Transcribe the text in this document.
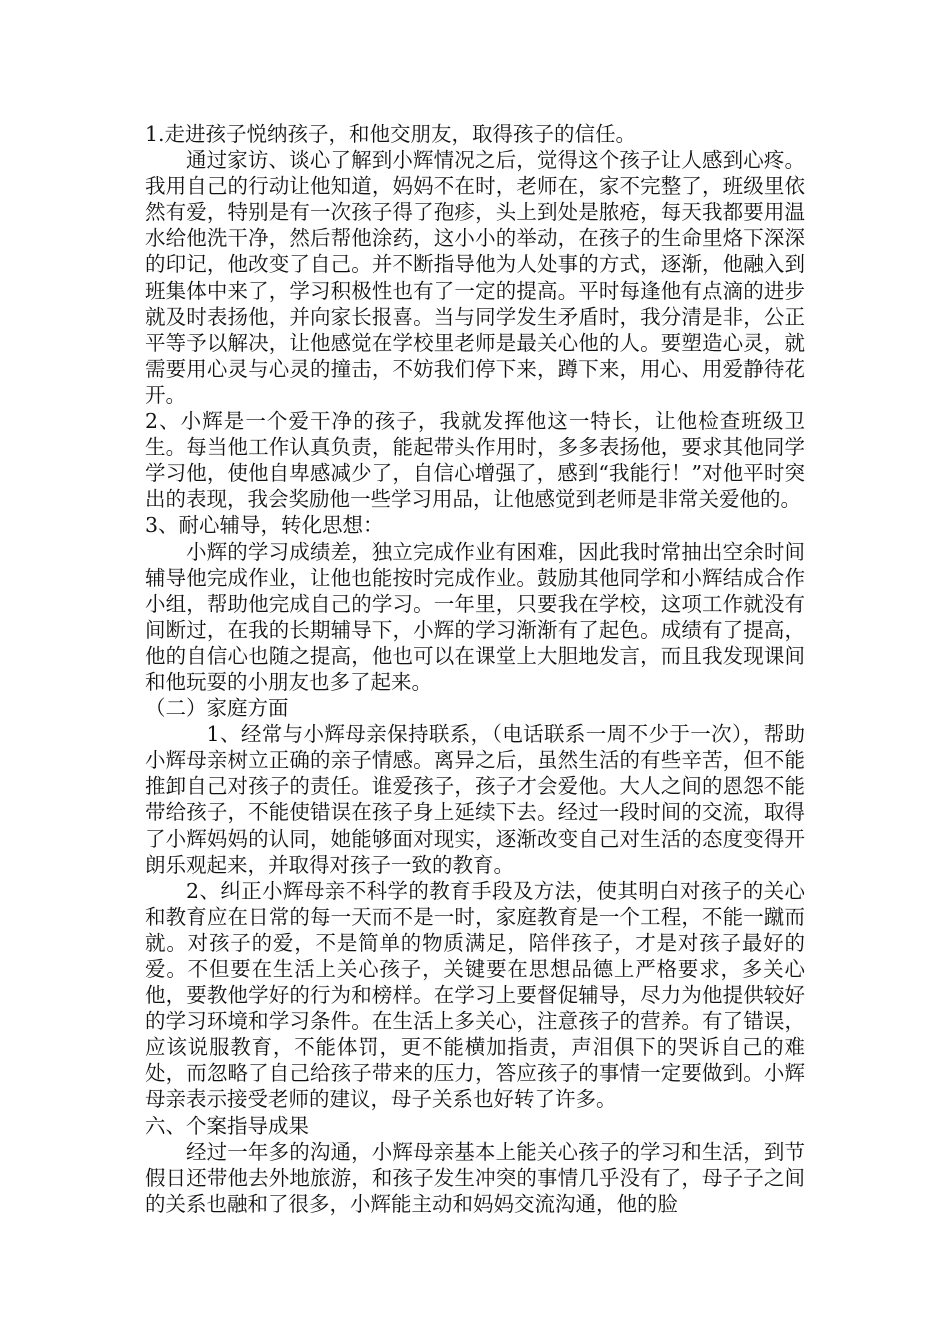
1.走进孩子悦纳孩子，和他交朋友，取得孩子的信任。

通过家访、谈心了解到小辉情况之后，觉得这个孩子让人感到心疼。我用自己的行动让他知道，妈妈不在时，老师在，家不完整了，班级里依然有爱，特别是有一次孩子得了孢疹，头上到处是脓疮，每天我都要用温水给他洗干净，然后帮他涂药，这小小的举动，在孩子的生命里烙下深深的印记，他改变了自己。并不断指导他为人处事的方式，逐渐，他融入到班集体中来了，学习积极性也有了一定的提高。平时每逢他有点滴的进步就及时表扬他，并向家长报喜。当与同学发生矛盾时，我分清是非，公正平等予以解决，让他感觉在学校里老师是最关心他的人。要塑造心灵，就需要用心灵与心灵的撞击，不妨我们停下来，蹲下来，用心、用爱静待花开。

2、小辉是一个爱干净的孩子，我就发挥他这一特长，让他检查班级卫生。每当他工作认真负责，能起带头作用时，多多表扬他，要求其他同学学习他，使他自卑感减少了，自信心增强了，感到“我能行！”对他平时突出的表现，我会奖励他一些学习用品，让他感觉到老师是非常关爱他的。

3、耐心辅导，转化思想：

小辉的学习成绩差，独立完成作业有困难，因此我时常抽出空余时间辅导他完成作业，让他也能按时完成作业。鼓励其他同学和小辉结成合作小组，帮助他完成自己的学习。一年里，只要我在学校，这项工作就没有间断过，在我的长期辅导下，小辉的学习渐渐有了起色。成绩有了提高，他的自信心也随之提高，他也可以在课堂上大胆地发言，而且我发现课间和他玩耍的小朋友也多了起来。

（二）家庭方面

1、经常与小辉母亲保持联系，（电话联系一周不少于一次），帮助小辉母亲树立正确的亲子情感。离异之后，虽然生活的有些辛苦，但不能推卸自己对孩子的责任。谁爱孩子，孩子才会爱他。大人之间的恩怨不能带给孩子，不能使错误在孩子身上延续下去。经过一段时间的交流，取得了小辉妈妈的认同，她能够面对现实，逐渐改变自己对生活的态度变得开朗乐观起来，并取得对孩子一致的教育。

2、纠正小辉母亲不科学的教育手段及方法，使其明白对孩子的关心和教育应在日常的每一天而不是一时，家庭教育是一个工程，不能一蹴而就。对孩子的爱，不是简单的物质满足，陪伴孩子，才是对孩子最好的爱。不但要在生活上关心孩子，关键要在思想品德上严格要求，多关心他，要教他学好的行为和榜样。在学习上要督促辅导，尽力为他提供较好的学习环境和学习条件。在生活上多关心，注意孩子的营养。有了错误，应该说服教育，不能体罚，更不能横加指责，声泪俱下的哭诉自己的难处，而忽略了自己给孩子带来的压力，答应孩子的事情一定要做到。小辉母亲表示接受老师的建议，母子关系也好转了许多。

六、个案指导成果

经过一年多的沟通，小辉母亲基本上能关心孩子的学习和生活，到节假日还带他去外地旅游，和孩子发生冲突的事情几乎没有了，母子子之间的关系也融和了很多，小辉能主动和妈妈交流沟通，他的脸
